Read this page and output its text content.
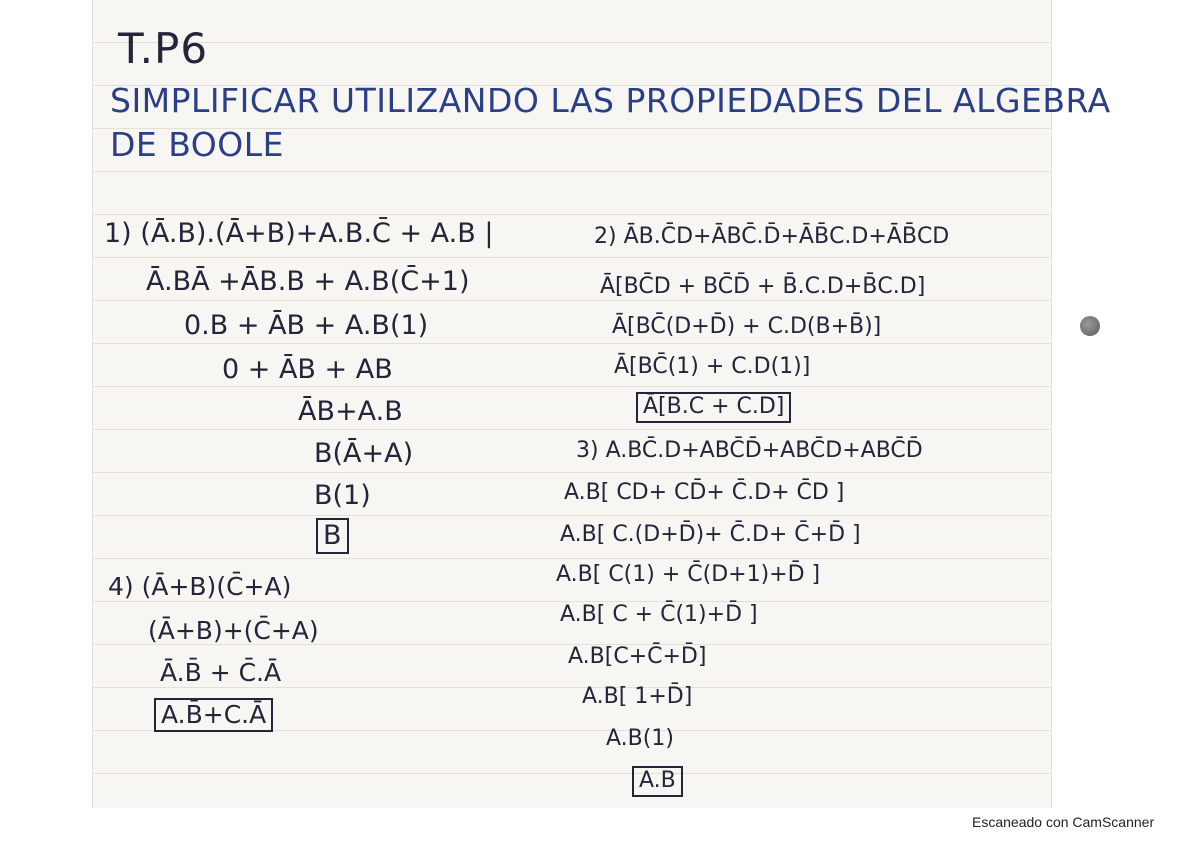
T.P6
SIMPLIFICAR UTILIZANDO LAS PROPIEDADES DEL ALGEBRA
DE BOOLE
1) (Ā.B).(Ā+B)+A.B.C̄ + A.B |
Ā.BĀ +ĀB.B + A.B(C̄+1)
0.B + ĀB + A.B(1)
0 + ĀB + AB
ĀB+A.B
B(Ā+A)
B(1)
B
4) (Ā+B)(C̄+A)
(Ā+B)+(C̄+A)
Ā.B̄ + C̄.Ā
A.B̄+C.Ā
2) ĀB.C̄D+ĀBC̄.D̄+ĀB̄C.D+ĀB̄CD
Ā[BC̄D + BC̄D̄ + B̄.C.D+B̄C.D]
Ā[BC̄(D+D̄) + C.D(B+B̄)]
Ā[BC̄(1) + C.D(1)]
Ā[B.C̄ + C.D]
3) A.BC̄.D+ABC̄D̄+ABC̄D+ABC̄D̄
A.B[ CD+ CD̄+ C̄.D+ C̄D ]
A.B[ C.(D+D̄)+ C̄.D+ C̄+D̄ ]
A.B[ C(1) + C̄(D+1)+D̄ ]
A.B[ C + C̄(1)+D̄ ]
A.B[C+C̄+D̄]
A.B[ 1+D̄]
A.B(1)
A.B
Escaneado con CamScanner
